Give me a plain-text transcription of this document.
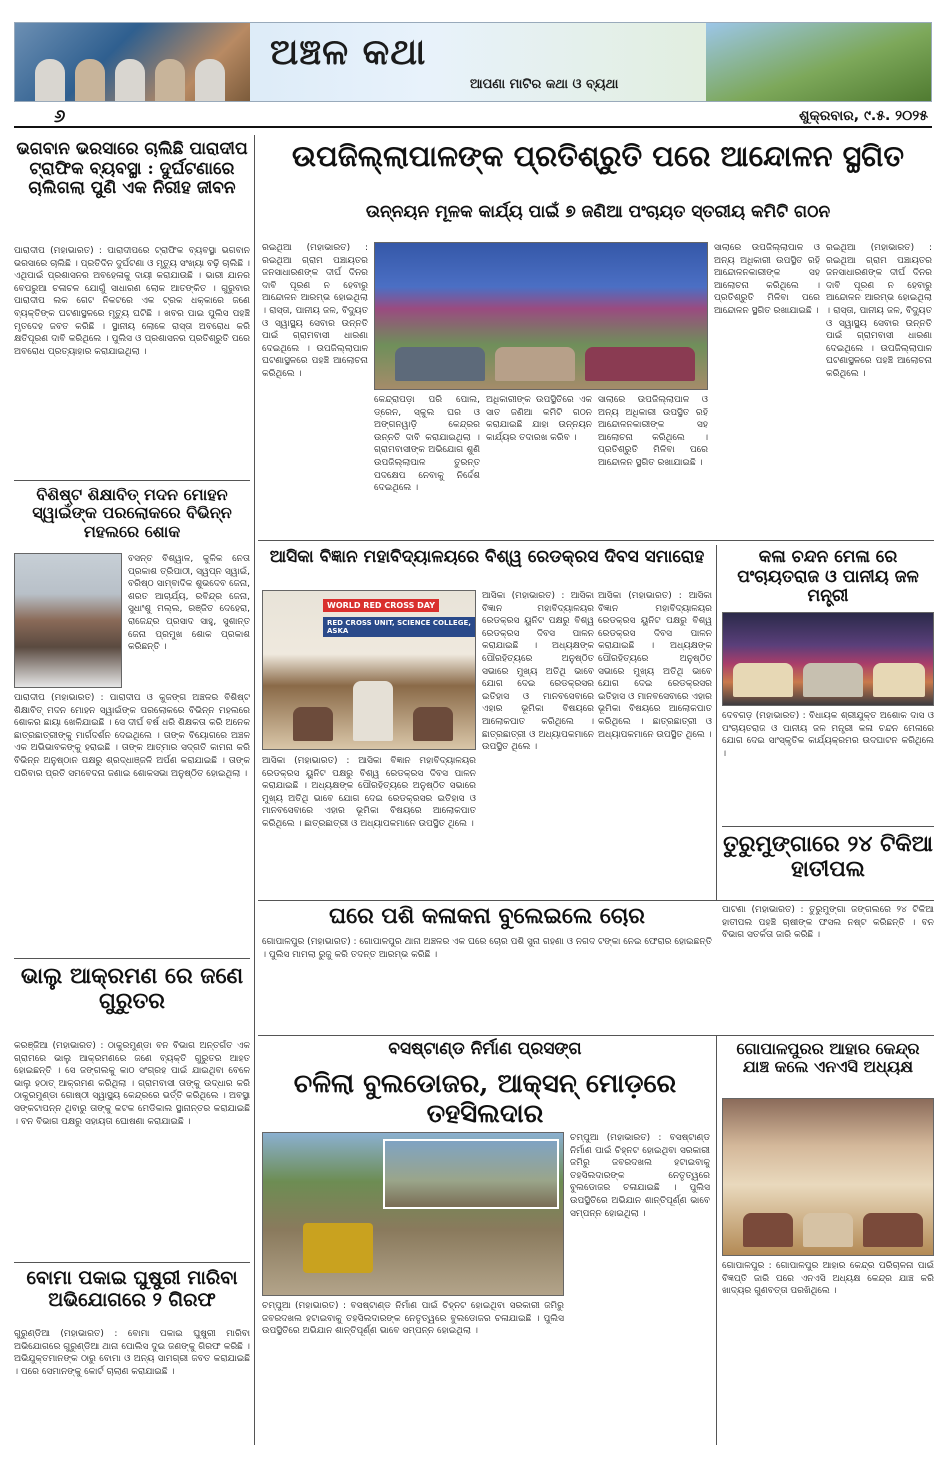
ଅଞ୍ଚଳ କଥା
ଆପଣା ମାଟିର କଥା ଓ ବ୍ୟଥା
୬	ଶୁକ୍ରବାର, ୯.୫. ୨୦୨୫
ଭଗବାନ ଭରସାରେ ଚାଲିଛି ପାରାଦୀପ ଟ୍ରାଫିକ ବ୍ୟବସ୍ଥା : ଦୁର୍ଘଟଣାରେ ଚାଲିଗଲା ପୁଣି ଏକ ନିରୀହ ଜୀବନ
ପାରାଦୀପ (ମହାଭାରତ) : ପାରାଦୀପରେ ଟ୍ରାଫିକ ବ୍ୟବସ୍ଥା ଭଗବାନ ଭରସାରେ ଚାଲିଛି । ପ୍ରତିଦିନ ଦୁର୍ଘଟଣା ଓ ମୃତ୍ୟୁ ସଂଖ୍ୟା ବଢ଼ି ଚାଲିଛି । ଏଥିପାଇଁ ପ୍ରଶାସନର ଅବହେଳାକୁ ଦାୟୀ କରାଯାଉଛି । ଭାରୀ ଯାନର ବେପରୁଆ ଚଳାଚଳ ଯୋଗୁଁ ସାଧାରଣ ଲୋକ ଆତଙ୍କିତ । ଗୁରୁବାର ପାରାଦୀପ ଲକ ଗେଟ ନିକଟରେ ଏକ ଟ୍ରକ ଧକ୍କାରେ ଜଣେ ବ୍ୟକ୍ତିଙ୍କ ଘଟଣାସ୍ଥଳରେ ମୃତ୍ୟୁ ଘଟିଛି । ଖବର ପାଇ ପୁଲିସ ପହଞ୍ଚି ମୃତଦେହ ଜବତ କରିଛି । ସ୍ଥାନୀୟ ଲୋକେ ରାସ୍ତା ଅବରୋଧ କରି କ୍ଷତିପୂରଣ ଦାବି କରିଥିଲେ । ପୁଲିସ ଓ ପ୍ରଶାସନର ପ୍ରତିଶ୍ରୁତି ପରେ ଅବରୋଧ ପ୍ରତ୍ୟାହାର କରାଯାଇଥିଲା ।
ବିଶିଷ୍ଟ ଶିକ୍ଷାବିତ୍ ମଦନ ମୋହନ ସ୍ୱାଇଁଙ୍କ ପରଲୋକରେ ବିଭିନ୍ନ ମହଲରେ ଶୋକ
ବସନ୍ତ ବିଶ୍ୱାଳ, କୁଳିକ ନେତା ପ୍ରକାଶ ତ୍ରିପାଠୀ, ସ୍ୱପ୍ନ ସ୍ୱାଇଁ, ବରିଷ୍ଠ ସାମ୍ବାଦିକ ଶୁଭଦେବ ଜେନା, ଶରତ ଆଚାର୍ଯ୍ୟ, ରବିନ୍ଦ୍ର ଜେନା, ସୁଧାଂଶୁ ମଲ୍ଲ, ରଞ୍ଜିତ ଦେହେରା, ରାଜେନ୍ଦ୍ର ପ୍ରସାଦ ସାହୁ, ସୁଶାନ୍ତ ଜେନା ପ୍ରମୁଖ ଶୋକ ପ୍ରକାଶ କରିଛନ୍ତି ।
ପାରାଦୀପ (ମହାଭାରତ) : ପାରାଦୀପ ଓ କୁଜଙ୍ଗ ଅଞ୍ଚଳର ବିଶିଷ୍ଟ ଶିକ୍ଷାବିତ୍ ମଦନ ମୋହନ ସ୍ୱାଇଁଙ୍କ ପରଲୋକରେ ବିଭିନ୍ନ ମହଲରେ ଶୋକର ଛାୟା ଖେଳିଯାଇଛି । ସେ ଦୀର୍ଘ ବର୍ଷ ଧରି ଶିକ୍ଷକତା କରି ଅନେକ ଛାତ୍ରଛାତ୍ରୀଙ୍କୁ ମାର୍ଗଦର୍ଶନ ଦେଇଥିଲେ । ତାଙ୍କ ବିୟୋଗରେ ଅଞ୍ଚଳ ଏକ ଅଭିଭାବକଙ୍କୁ ହରାଇଛି । ତାଙ୍କ ଆତ୍ମାର ସଦ୍‌ଗତି କାମନା କରି ବିଭିନ୍ନ ଅନୁଷ୍ଠାନ ପକ୍ଷରୁ ଶ୍ରଦ୍ଧାଞ୍ଜଳି ଅର୍ପଣ କରାଯାଇଛି । ତାଙ୍କ ପରିବାର ପ୍ରତି ସମବେଦନା ଜଣାଇ ଶୋକସଭା ଅନୁଷ୍ଠିତ ହୋଇଥିଲା ।
ଭାଲୁ ଆକ୍ରମଣ ରେ ଜଣେ ଗୁରୁତର
କରଞ୍ଜିଆ (ମହାଭାରତ) : ଠାକୁରମୁଣ୍ଡା ବନ ବିଭାଗ ଅନ୍ତର୍ଗତ ଏକ ଗ୍ରାମରେ ଭାଲୁ ଆକ୍ରମଣରେ ଜଣେ ବ୍ୟକ୍ତି ଗୁରୁତର ଆହତ ହୋଇଛନ୍ତି । ସେ ଜଙ୍ଗଲକୁ କାଠ ସଂଗ୍ରହ ପାଇଁ ଯାଇଥିବା ବେଳେ ଭାଲୁ ହଠାତ୍ ଆକ୍ରମଣ କରିଥିଲା । ଗ୍ରାମବାସୀ ତାଙ୍କୁ ଉଦ୍ଧାର କରି ଠାକୁରମୁଣ୍ଡା ଗୋଷ୍ଠୀ ସ୍ୱାସ୍ଥ୍ୟ କେନ୍ଦ୍ରରେ ଭର୍ତ୍ତି କରିଥିଲେ । ଅବସ୍ଥା ସଙ୍କଟାପନ୍ନ ଥିବାରୁ ତାଙ୍କୁ କଟକ ମେଡିକାଲ ସ୍ଥାନାନ୍ତର କରାଯାଇଛି । ବନ ବିଭାଗ ପକ୍ଷରୁ ସହାୟତା ଘୋଷଣା କରାଯାଇଛି ।
ବୋମା ପକାଇ ଘୁଷୁରୀ ମାରିବା ଅଭିଯୋଗରେ ୨ ଗିରଫ
ଗୁରୁଣ୍ଡିଆ (ମହାଭାରତ) : ବୋମା ପକାଇ ଘୁଷୁରୀ ମାରିବା ଅଭିଯୋଗରେ ଗୁରୁଣ୍ଡିଆ ଥାନା ପୋଲିସ ଦୁଇ ଜଣଙ୍କୁ ଗିରଫ କରିଛି । ଅଭିଯୁକ୍ତମାନଙ୍କ ଠାରୁ ବୋମା ଓ ଅନ୍ୟ ସାମଗ୍ରୀ ଜବତ କରାଯାଇଛି । ପରେ ସେମାନଙ୍କୁ କୋର୍ଟ ଚାଲାଣ କରାଯାଇଛି ।
ଉପଜିଲ୍ଲାପାଳଙ୍କ ପ୍ରତିଶ୍ରୁତି ପରେ ଆନ୍ଦୋଳନ ସ୍ଥଗିତ
ଉନ୍ନୟନ ମୂଳକ କାର୍ଯ୍ୟ ପାଇଁ ୭ ଜଣିଆ ପଂଚାୟତ ସ୍ତରୀୟ କମିଟି ଗଠନ
ରଇଥିଆ (ମହାଭାରତ) : ରଇଥିଆ ଗ୍ରାମ ପଞ୍ଚାୟତର ଜନସାଧାରଣଙ୍କ ଦୀର୍ଘ ଦିନର ଦାବି ପୂରଣ ନ ହେବାରୁ ଆନ୍ଦୋଳନ ଆରମ୍ଭ ହୋଇଥିଲା । ରାସ୍ତା, ପାନୀୟ ଜଳ, ବିଦ୍ୟୁତ ଓ ସ୍ୱାସ୍ଥ୍ୟ ସେବାର ଉନ୍ନତି ପାଇଁ ଗ୍ରାମବାସୀ ଧାରଣା ଦେଇଥିଲେ । ଉପଜିଲ୍ଲାପାଳ ଘଟଣାସ୍ଥଳରେ ପହଞ୍ଚି ଆଲୋଚନା କରିଥିଲେ ।
କେନ୍ଦ୍ରାପଡ଼ା ପରି ପୋଲ, ଡ୍ରେନ, ସ୍କୁଲ ଘର ଓ ଅଙ୍ଗନୱାଡ଼ି କେନ୍ଦ୍ରର ଉନ୍ନତି ଦାବି କରାଯାଇଥିଲା । ଗ୍ରାମବାସୀଙ୍କ ଅଭିଯୋଗ ଶୁଣି ଉପଜିଲ୍ଲାପାଳ ତୁରନ୍ତ ପଦକ୍ଷେପ ନେବାକୁ ନିର୍ଦ୍ଦେଶ ଦେଇଥିଲେ ।
ଅଧିକାରୀଙ୍କ ଉପସ୍ଥିତିରେ ଏକ ସାତ ଜଣିଆ କମିଟି ଗଠନ କରାଯାଇଛି ଯାହା ଉନ୍ନୟନ କାର୍ଯ୍ୟର ତଦାରଖ କରିବ ।
ସାଲାରେ ଉପଜିଲ୍ଲାପାଳ ଓ ଅନ୍ୟ ଅଧିକାରୀ ଉପସ୍ଥିତ ରହି ଆନ୍ଦୋଳନକାରୀଙ୍କ ସହ ଆଲୋଚନା କରିଥିଲେ । ପ୍ରତିଶ୍ରୁତି ମିଳିବା ପରେ ଆନ୍ଦୋଳନ ସ୍ଥଗିତ ରଖାଯାଇଛି ।
ସାଲାରେ ଉପଜିଲ୍ଲାପାଳ ଓ ଅନ୍ୟ ଅଧିକାରୀ ଉପସ୍ଥିତ ରହି ଆନ୍ଦୋଳନକାରୀଙ୍କ ସହ ଆଲୋଚନା କରିଥିଲେ । ପ୍ରତିଶ୍ରୁତି ମିଳିବା ପରେ ଆନ୍ଦୋଳନ ସ୍ଥଗିତ ରଖାଯାଇଛି ।
ରଇଥିଆ (ମହାଭାରତ) : ରଇଥିଆ ଗ୍ରାମ ପଞ୍ଚାୟତର ଜନସାଧାରଣଙ୍କ ଦୀର୍ଘ ଦିନର ଦାବି ପୂରଣ ନ ହେବାରୁ ଆନ୍ଦୋଳନ ଆରମ୍ଭ ହୋଇଥିଲା । ରାସ୍ତା, ପାନୀୟ ଜଳ, ବିଦ୍ୟୁତ ଓ ସ୍ୱାସ୍ଥ୍ୟ ସେବାର ଉନ୍ନତି ପାଇଁ ଗ୍ରାମବାସୀ ଧାରଣା ଦେଇଥିଲେ । ଉପଜିଲ୍ଲାପାଳ ଘଟଣାସ୍ଥଳରେ ପହଞ୍ଚି ଆଲୋଚନା କରିଥିଲେ ।
ଆସିକା ବିଜ୍ଞାନ ମହାବିଦ୍ୟାଳୟରେ ବିଶ୍ୱ ରେଡକ୍ରସ ଦିବସ ସମାରୋହ
WORLD RED CROSS DAY
RED CROSS UNIT, SCIENCE COLLEGE, ASKA
ଆସିକା (ମହାଭାରତ) : ଆସିକା ବିଜ୍ଞାନ ମହାବିଦ୍ୟାଳୟର ରେଡକ୍ରସ ୟୁନିଟ ପକ୍ଷରୁ ବିଶ୍ୱ ରେଡକ୍ରସ ଦିବସ ପାଳନ କରାଯାଇଛି । ଅଧ୍ୟକ୍ଷଙ୍କ ପୌରହିତ୍ୟରେ ଅନୁଷ୍ଠିତ ସଭାରେ ମୁଖ୍ୟ ଅତିଥି ଭାବେ ଯୋଗ ଦେଇ ରେଡକ୍ରସର ଇତିହାସ ଓ ମାନବସେବାରେ ଏହାର ଭୂମିକା ବିଷୟରେ ଆଲୋକପାତ କରିଥିଲେ । ଛାତ୍ରଛାତ୍ରୀ ଓ ଅଧ୍ୟାପକମାନେ ଉପସ୍ଥିତ ଥିଲେ ।
ଆସିକା (ମହାଭାରତ) : ଆସିକା ବିଜ୍ଞାନ ମହାବିଦ୍ୟାଳୟର ରେଡକ୍ରସ ୟୁନିଟ ପକ୍ଷରୁ ବିଶ୍ୱ ରେଡକ୍ରସ ଦିବସ ପାଳନ କରାଯାଇଛି । ଅଧ୍ୟକ୍ଷଙ୍କ ପୌରହିତ୍ୟରେ ଅନୁଷ୍ଠିତ ସଭାରେ ମୁଖ୍ୟ ଅତିଥି ଭାବେ ଯୋଗ ଦେଇ ରେଡକ୍ରସର ଇତିହାସ ଓ ମାନବସେବାରେ ଏହାର ଭୂମିକା ବିଷୟରେ ଆଲୋକପାତ କରିଥିଲେ । ଛାତ୍ରଛାତ୍ରୀ ଓ ଅଧ୍ୟାପକମାନେ ଉପସ୍ଥିତ ଥିଲେ ।
ଆସିକା (ମହାଭାରତ) : ଆସିକା ବିଜ୍ଞାନ ମହାବିଦ୍ୟାଳୟର ରେଡକ୍ରସ ୟୁନିଟ ପକ୍ଷରୁ ବିଶ୍ୱ ରେଡକ୍ରସ ଦିବସ ପାଳନ କରାଯାଇଛି । ଅଧ୍ୟକ୍ଷଙ୍କ ପୌରହିତ୍ୟରେ ଅନୁଷ୍ଠିତ ସଭାରେ ମୁଖ୍ୟ ଅତିଥି ଭାବେ ଯୋଗ ଦେଇ ରେଡକ୍ରସର ଇତିହାସ ଓ ମାନବସେବାରେ ଏହାର ଭୂମିକା ବିଷୟରେ ଆଲୋକପାତ କରିଥିଲେ । ଛାତ୍ରଛାତ୍ରୀ ଓ ଅଧ୍ୟାପକମାନେ ଉପସ୍ଥିତ ଥିଲେ ।
କଳା ଚନ୍ଦନ ମେଳା ରେ ପଂଚାୟତରାଜ ଓ ପାନୀୟ ଜଳ ମନ୍ତ୍ରୀ
ଦେବଗଡ଼ (ମହାଭାରତ) : ବିଧାୟକ ଶ୍ରୀଯୁକ୍ତ ଅଶୋକ ଦାସ ଓ ପଂଚାୟତରାଜ ଓ ପାନୀୟ ଜଳ ମନ୍ତ୍ରୀ କଳା ଚନ୍ଦନ ମେଳାରେ ଯୋଗ ଦେଇ ସାଂସ୍କୃତିକ କାର୍ଯ୍ୟକ୍ରମର ଉଦଘାଟନ କରିଥିଲେ ।
ତୁରୁମୁଙ୍ଗାରେ ୨୪ ଟିକିଆ ହାତୀପଲ
ଘରେ ପଶି କଳାକନା ବୁଲେଇଲେ ଚୋର
ଗୋପାଳପୁର (ମହାଭାରତ) : ଗୋପାଳପୁର ଥାନା ଅଞ୍ଚଳର ଏକ ଘରେ ଚୋର ପଶି ସୁନା ଗହଣା ଓ ନଗଦ ଟଙ୍କା ନେଇ ଫେରାର ହୋଇଛନ୍ତି । ପୁଲିସ ମାମଲା ରୁଜୁ କରି ତଦନ୍ତ ଆରମ୍ଭ କରିଛି ।
ପାଟଣା (ମହାଭାରତ) : ତୁରୁମୁଙ୍ଗା ଜଙ୍ଗଲରେ ୨୪ ଟିକିଆ ହାତୀପଲ ପହଞ୍ଚି ଚାଷୀଙ୍କ ଫସଲ ନଷ୍ଟ କରିଛନ୍ତି । ବନ ବିଭାଗ ସତର୍କତା ଜାରି କରିଛି ।
ବସଷ୍ଟାଣ୍ଡ ନିର୍ମାଣ ପ୍ରସଙ୍ଗ
ଚଳିଲା ବୁଲଡୋଜର, ଆକ୍ସନ୍ ମୋଡ଼ରେ ତହସିଲଦାର
ଚମ୍ପୁଆ (ମହାଭାରତ) : ବସଷ୍ଟାଣ୍ଡ ନିର୍ମାଣ ପାଇଁ ଚିହ୍ନଟ ହୋଇଥିବା ସରକାରୀ ଜମିରୁ ଜବରଦଖଲ ହଟାଇବାକୁ ତହସିଲଦାରଙ୍କ ନେତୃତ୍ୱରେ ବୁଲଡୋଜର ଚଳାଯାଇଛି । ପୁଲିସ ଉପସ୍ଥିତିରେ ଅଭିଯାନ ଶାନ୍ତିପୂର୍ଣ୍ଣ ଭାବେ ସମ୍ପନ୍ନ ହୋଇଥିଲା ।
ଚମ୍ପୁଆ (ମହାଭାରତ) : ବସଷ୍ଟାଣ୍ଡ ନିର୍ମାଣ ପାଇଁ ଚିହ୍ନଟ ହୋଇଥିବା ସରକାରୀ ଜମିରୁ ଜବରଦଖଲ ହଟାଇବାକୁ ତହସିଲଦାରଙ୍କ ନେତୃତ୍ୱରେ ବୁଲଡୋଜର ଚଳାଯାଇଛି । ପୁଲିସ ଉପସ୍ଥିତିରେ ଅଭିଯାନ ଶାନ୍ତିପୂର୍ଣ୍ଣ ଭାବେ ସମ୍ପନ୍ନ ହୋଇଥିଲା ।
ଗୋପାଳପୁରର ଆହାର କେନ୍ଦ୍ର ଯାଞ୍ଚ କଲେ ଏନଏସି ଅଧ୍ୟକ୍ଷ
ଗୋପାଳପୁର : ଗୋପାଳପୁର ଆହାର କେନ୍ଦ୍ର ପରିଚାଳନା ପାଇଁ ବିଜ୍ଞପ୍ତି ଜାରି ପରେ ଏନଏସି ଅଧ୍ୟକ୍ଷ କେନ୍ଦ୍ର ଯାଞ୍ଚ କରି ଖାଦ୍ୟର ଗୁଣବତ୍ତା ପରଖିଥିଲେ ।
